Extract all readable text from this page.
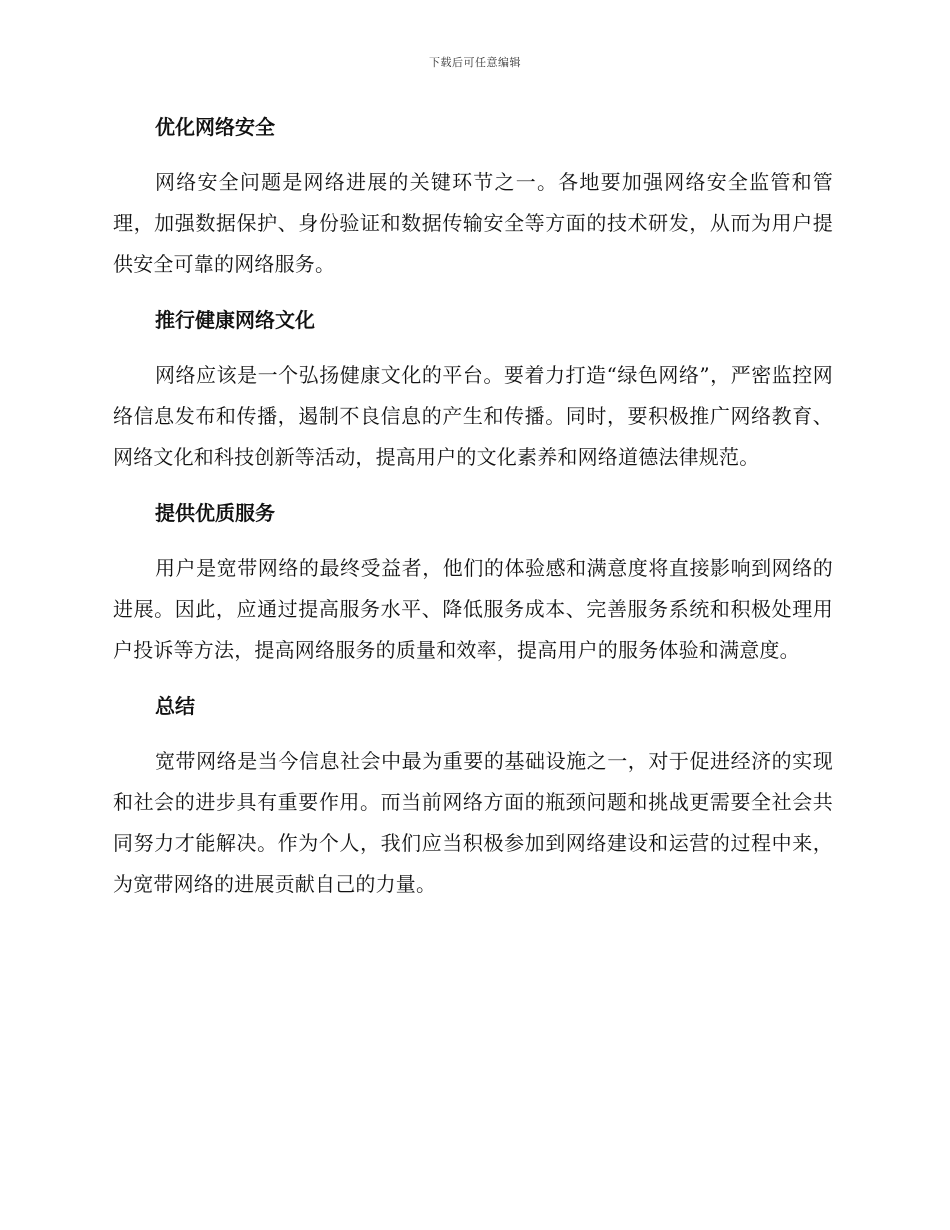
下载后可任意编辑
优化网络安全

网络安全问题是网络进展的关键环节之一。各地要加强网络安全监管和管理，加强数据保护、身份验证和数据传输安全等方面的技术研发，从而为用户提供安全可靠的网络服务。

推行健康网络文化

网络应该是一个弘扬健康文化的平台。要着力打造“绿色网络”，严密监控网络信息发布和传播，遏制不良信息的产生和传播。同时，要积极推广网络教育、网络文化和科技创新等活动，提高用户的文化素养和网络道德法律规范。

提供优质服务

用户是宽带网络的最终受益者，他们的体验感和满意度将直接影响到网络的进展。因此，应通过提高服务水平、降低服务成本、完善服务系统和积极处理用户投诉等方法，提高网络服务的质量和效率，提高用户的服务体验和满意度。

总结

宽带网络是当今信息社会中最为重要的基础设施之一，对于促进经济的实现和社会的进步具有重要作用。而当前网络方面的瓶颈问题和挑战更需要全社会共同努力才能解决。作为个人，我们应当积极参加到网络建设和运营的过程中来，为宽带网络的进展贡献自己的力量。
